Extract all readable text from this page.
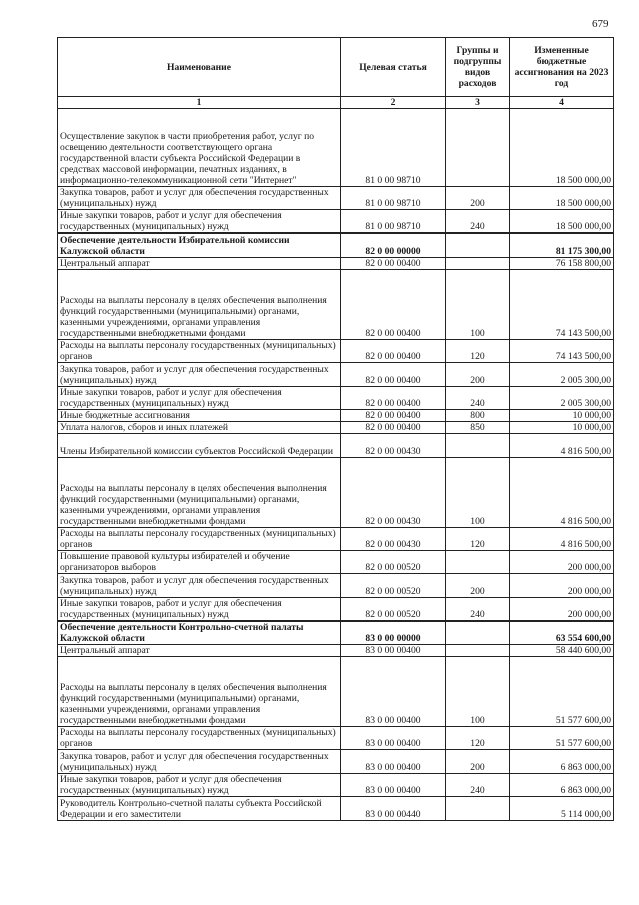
679
Наименование	Целевая статья	Группы и подгруппы видов расходов	Измененные бюджетные ассигнования на 2023 год
1	2	3	4
Осуществление закупок в части приобретения работ, услуг по освещению деятельности соответствующего органа государственной власти субъекта Российской Федерации в средствах массовой информации, печатных изданиях, в информационно-телекоммуникационной сети "Интернет"	81 0 00 98710		18 500 000,00
Закупка товаров, работ и услуг для обеспечения государственных (муниципальных) нужд	81 0 00 98710	200	18 500 000,00
Иные закупки товаров, работ и услуг для обеспечения государственных (муниципальных) нужд	81 0 00 98710	240	18 500 000,00
Обеспечение деятельности Избирательной комиссии Калужской области	82 0 00 00000		81 175 300,00
Центральный аппарат	82 0 00 00400		76 158 800,00
Расходы на выплаты персоналу в целях обеспечения выполнения функций государственными (муниципальными) органами, казенными учреждениями, органами управления государственными внебюджетными фондами	82 0 00 00400	100	74 143 500,00
Расходы на выплаты персоналу государственных (муниципальных) органов	82 0 00 00400	120	74 143 500,00
Закупка товаров, работ и услуг для обеспечения государственных (муниципальных) нужд	82 0 00 00400	200	2 005 300,00
Иные закупки товаров, работ и услуг для обеспечения государственных (муниципальных) нужд	82 0 00 00400	240	2 005 300,00
Иные бюджетные ассигнования	82 0 00 00400	800	10 000,00
Уплата налогов, сборов и иных платежей	82 0 00 00400	850	10 000,00
Члены Избирательной комиссии субъектов Российской Федерации	82 0 00 00430		4 816 500,00
Расходы на выплаты персоналу в целях обеспечения выполнения функций государственными (муниципальными) органами, казенными учреждениями, органами управления государственными внебюджетными фондами	82 0 00 00430	100	4 816 500,00
Расходы на выплаты персоналу государственных (муниципальных) органов	82 0 00 00430	120	4 816 500,00
Повышение правовой культуры избирателей и обучение организаторов выборов	82 0 00 00520		200 000,00
Закупка товаров, работ и услуг для обеспечения государственных (муниципальных) нужд	82 0 00 00520	200	200 000,00
Иные закупки товаров, работ и услуг для обеспечения государственных (муниципальных) нужд	82 0 00 00520	240	200 000,00
Обеспечение деятельности Контрольно-счетной палаты Калужской области	83 0 00 00000		63 554 600,00
Центральный аппарат	83 0 00 00400		58 440 600,00
Расходы на выплаты персоналу в целях обеспечения выполнения функций государственными (муниципальными) органами, казенными учреждениями, органами управления государственными внебюджетными фондами	83 0 00 00400	100	51 577 600,00
Расходы на выплаты персоналу государственных (муниципальных) органов	83 0 00 00400	120	51 577 600,00
Закупка товаров, работ и услуг для обеспечения государственных (муниципальных) нужд	83 0 00 00400	200	6 863 000,00
Иные закупки товаров, работ и услуг для обеспечения государственных (муниципальных) нужд	83 0 00 00400	240	6 863 000,00
Руководитель Контрольно-счетной палаты субъекта Российской Федерации и его заместители	83 0 00 00440		5 114 000,00
